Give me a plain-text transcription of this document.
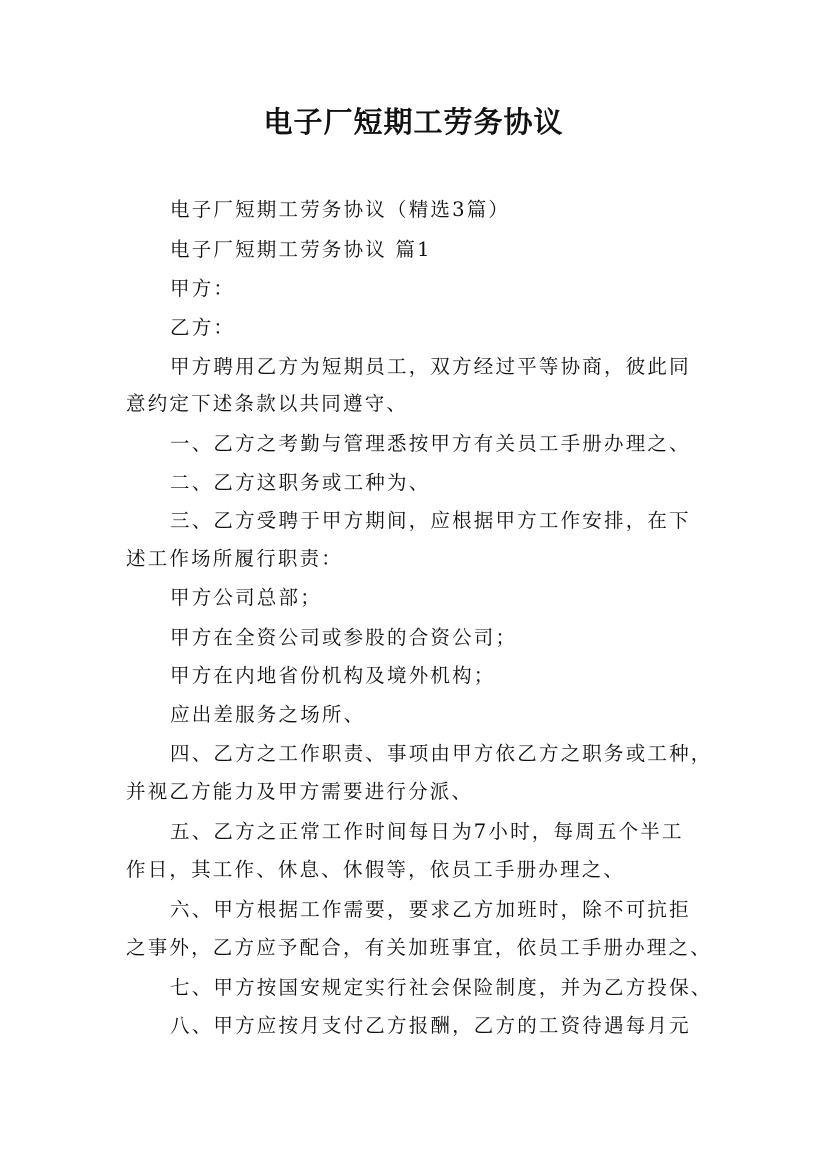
电子厂短期工劳务协议
电子厂短期工劳务协议（精选3篇）
电子厂短期工劳务协议 篇1
甲方：
乙方：
甲方聘用乙方为短期员工，双方经过平等协商，彼此同
意约定下述条款以共同遵守、
一、乙方之考勤与管理悉按甲方有关员工手册办理之、
二、乙方这职务或工种为、
三、乙方受聘于甲方期间，应根据甲方工作安排，在下
述工作场所履行职责：
甲方公司总部；
甲方在全资公司或参股的合资公司；
甲方在内地省份机构及境外机构；
应出差服务之场所、
四、乙方之工作职责、事项由甲方依乙方之职务或工种，
并视乙方能力及甲方需要进行分派、
五、乙方之正常工作时间每日为7小时，每周五个半工
作日，其工作、休息、休假等，依员工手册办理之、
六、甲方根据工作需要，要求乙方加班时，除不可抗拒
之事外，乙方应予配合，有关加班事宜，依员工手册办理之、
七、甲方按国安规定实行社会保险制度，并为乙方投保、
八、甲方应按月支付乙方报酬，乙方的工资待遇每月元
